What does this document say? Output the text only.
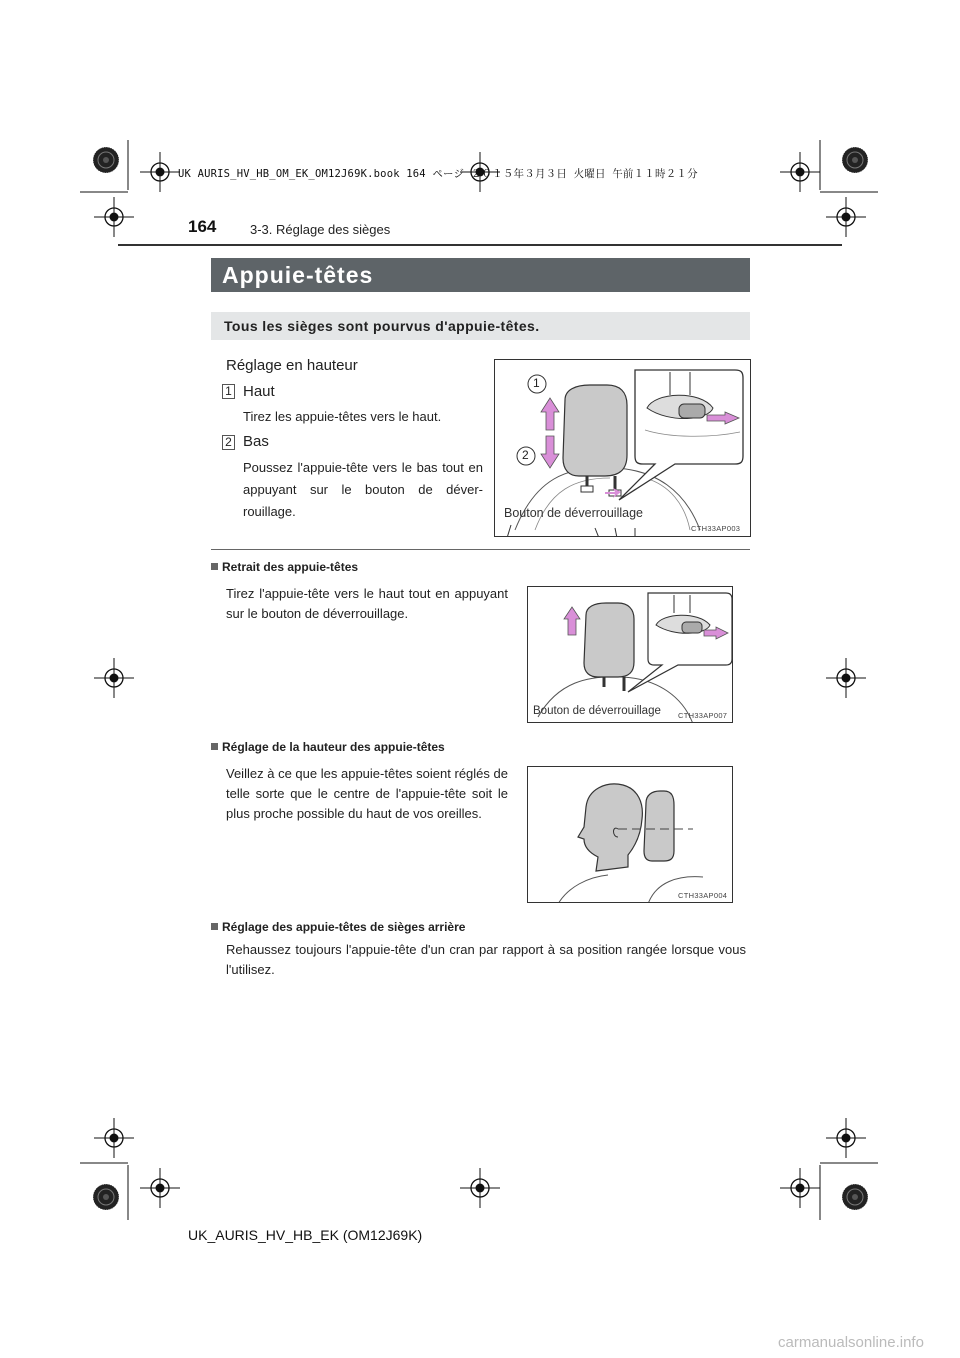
UK AURIS_HV_HB_OM_EK_OM12J69K.book 164 ページ ２０１５年３月３日 火曜日 午前１１時２１分
164	3-3. Réglage des sièges
Appuie-têtes
Tous les sièges sont pourvus d'appuie-têtes.
Réglage en hauteur
1 Haut
Tirez les appuie-têtes vers le haut.
2 Bas
Poussez l'appuie-tête vers le bas tout en appuyant sur le bouton de déver-rouillage.
1
2
Bouton de déverrouillage
CTH33AP003
Retrait des appuie-têtes
Tirez l'appuie-tête vers le haut tout en appuyant sur le bouton de déverrouillage.
Bouton de déverrouillage CTH33AP007
Réglage de la hauteur des appuie-têtes
Veillez à ce que les appuie-têtes soient réglés de telle sorte que le centre de l'appuie-tête soit le plus proche possible du haut de vos oreilles.
CTH33AP004
Réglage des appuie-têtes de sièges arrière
Rehaussez toujours l'appuie-tête d'un cran par rapport à sa position rangée lorsque vous l'utilisez.
UK_AURIS_HV_HB_EK (OM12J69K)
carmanualsonline.info
